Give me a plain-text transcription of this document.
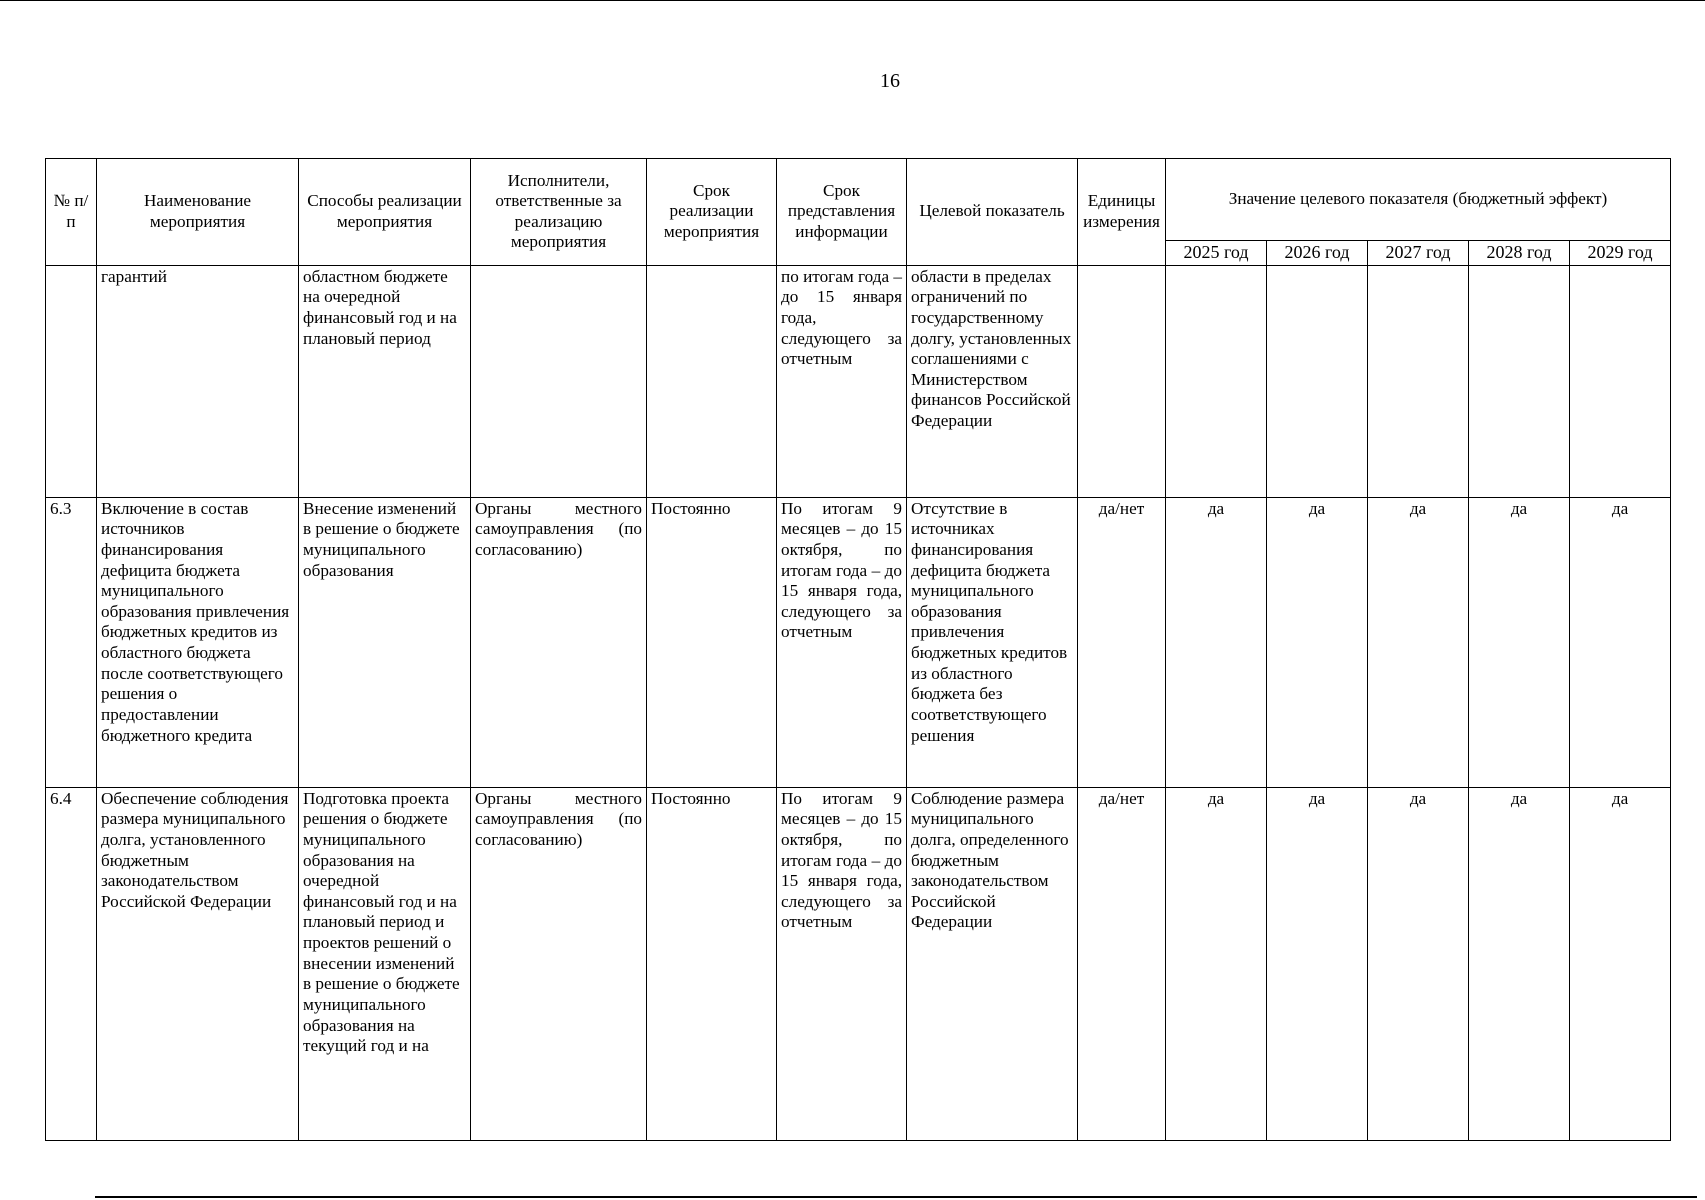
16
№ п/п	Наименование мероприятия	Способы реализации мероприятия	Исполнители, ответственные за реализацию мероприятия	Срок реализации мероприятия	Срок представления информации	Целевой показатель	Единицы измерения	Значение целевого показателя (бюджетный эффект)				
								2025 год	2026 год	2027 год	2028 год	2029 год
	гарантий	областном бюджете на очередной финансовый год и на плановый период			по итогам года – до 15 января года, следующего за отчетным	области в пределах ограничений по государственному долгу, установленных соглашениями с Министерством финансов Российской Федерации						
6.3	Включение в состав источников финансирования дефицита бюджета муниципального образования привлечения бюджетных кредитов из областного бюджета после соответствующего решения о предоставлении бюджетного кредита	Внесение изменений в решение о бюджете муниципального образования	Органы местного самоуправления (по согласованию)	Постоянно	По итогам 9 месяцев – до 15 октября, по итогам года – до 15 января года, следующего за отчетным	Отсутствие в источниках финансирования дефицита бюджета муниципального образования привлечения бюджетных кредитов из областного бюджета без соответствующего решения	да/нет	да	да	да	да	да
6.4	Обеспечение соблюдения размера муниципального долга, установленного бюджетным законодательством Российской Федерации	Подготовка проекта решения о бюджете муниципального образования на очередной финансовый год и на плановый период и проектов решений о внесении изменений в решение о бюджете муниципального образования на текущий год и на	Органы местного самоуправления (по согласованию)	Постоянно	По итогам 9 месяцев – до 15 октября, по итогам года – до 15 января года, следующего за отчетным	Соблюдение размера муниципального долга, определенного бюджетным законодательством Российской Федерации	да/нет	да	да	да	да	да
